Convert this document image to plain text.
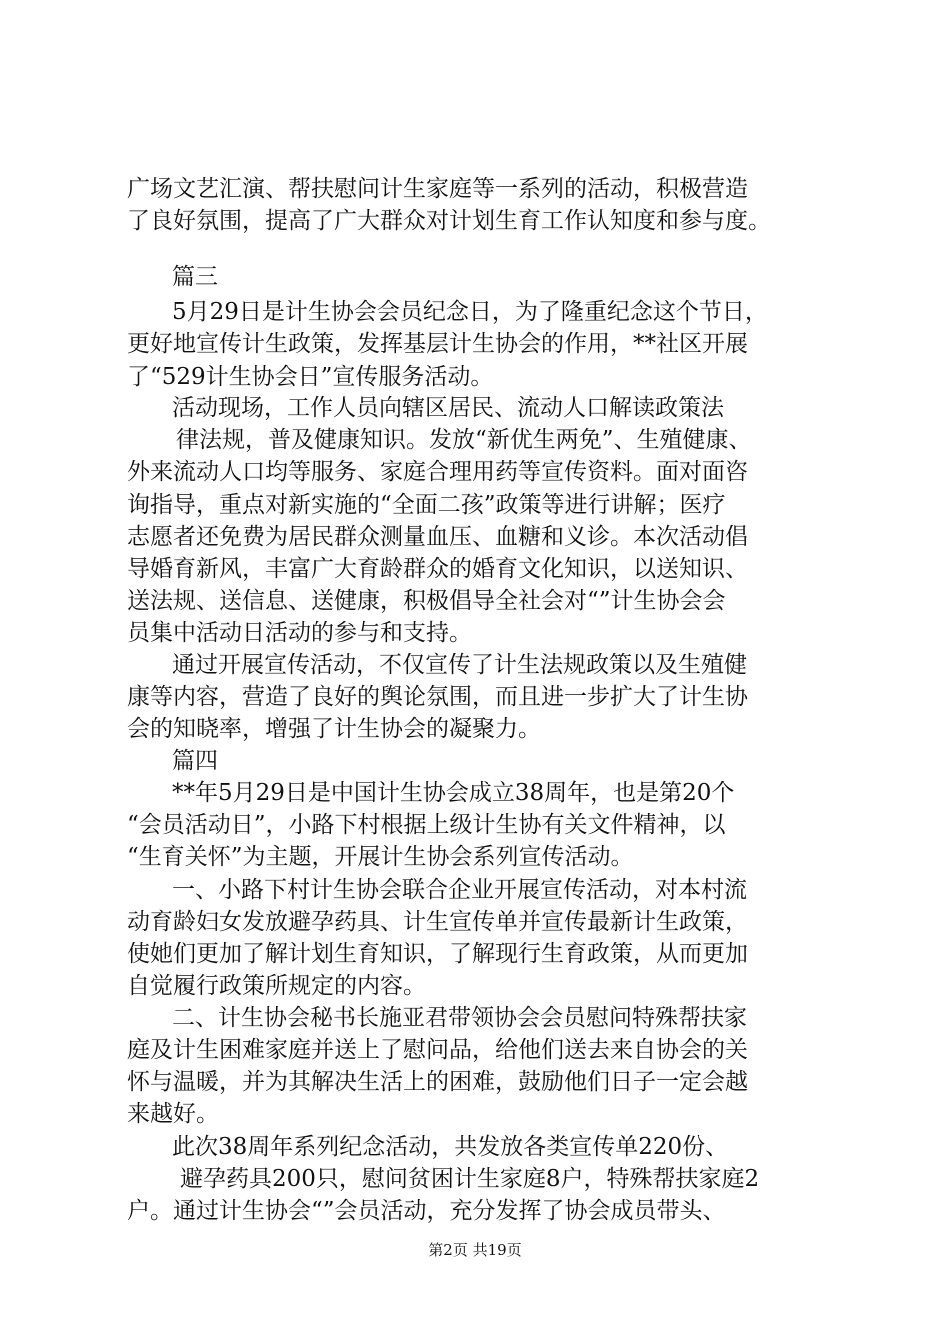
广场文艺汇演、帮扶慰问计生家庭等一系列的活动，积极营造
了良好氛围，提高了广大群众对计划生育工作认知度和参与度。
篇三
5月29日是计生协会会员纪念日，为了隆重纪念这个节日，
更好地宣传计生政策，发挥基层计生协会的作用，**社区开展
了“529计生协会日”宣传服务活动。
活动现场，工作人员向辖区居民、流动人口解读政策法
律法规，普及健康知识。发放“新优生两免”、生殖健康、
外来流动人口均等服务、家庭合理用药等宣传资料。面对面咨
询指导，重点对新实施的“全面二孩”政策等进行讲解；医疗
志愿者还免费为居民群众测量血压、血糖和义诊。本次活动倡
导婚育新风，丰富广大育龄群众的婚育文化知识，以送知识、
送法规、送信息、送健康，积极倡导全社会对“”计生协会会
员集中活动日活动的参与和支持。
通过开展宣传活动，不仅宣传了计生法规政策以及生殖健
康等内容，营造了良好的舆论氛围，而且进一步扩大了计生协
会的知晓率，增强了计生协会的凝聚力。
篇四
**年5月29日是中国计生协会成立38周年，也是第20个
“会员活动日”，小路下村根据上级计生协有关文件精神，以
“生育关怀”为主题，开展计生协会系列宣传活动。
一、小路下村计生协会联合企业开展宣传活动，对本村流
动育龄妇女发放避孕药具、计生宣传单并宣传最新计生政策，
使她们更加了解计划生育知识，了解现行生育政策，从而更加
自觉履行政策所规定的内容。
二、计生协会秘书长施亚君带领协会会员慰问特殊帮扶家
庭及计生困难家庭并送上了慰问品，给他们送去来自协会的关
怀与温暖，并为其解决生活上的困难，鼓励他们日子一定会越
来越好。
此次38周年系列纪念活动，共发放各类宣传单220份、
避孕药具200只，慰问贫困计生家庭8户，特殊帮扶家庭2
户。通过计生协会“”会员活动，充分发挥了协会成员带头、
第2页 共19页
